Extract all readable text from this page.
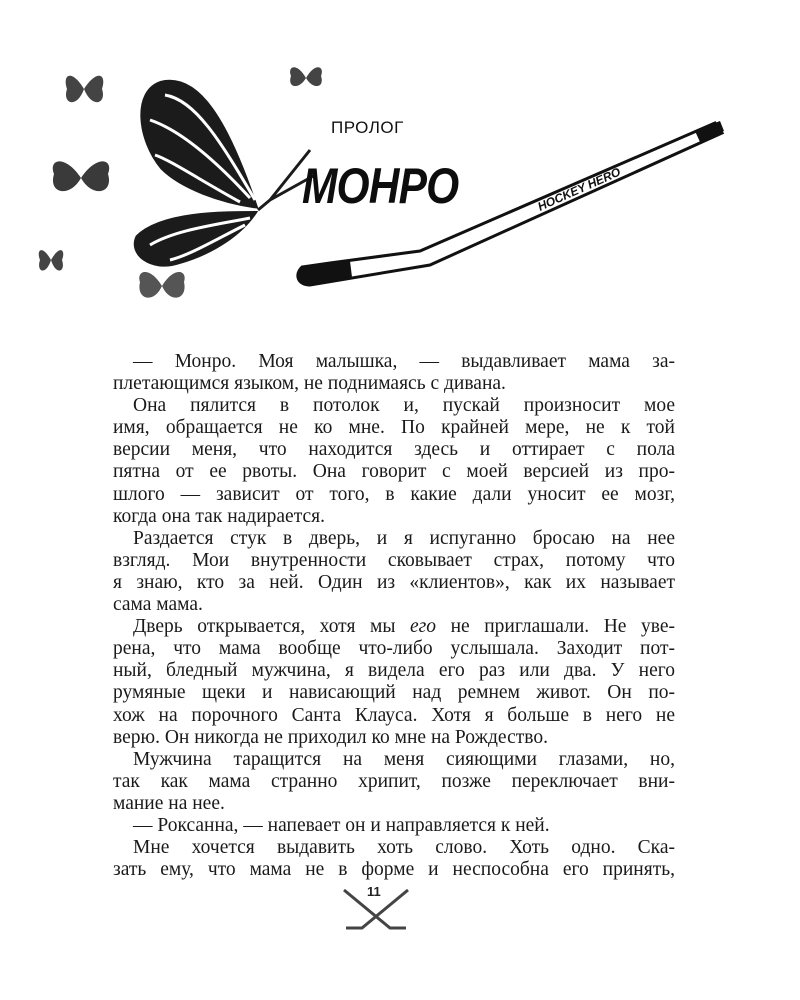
HOCKEY HERO
ПРОЛОГ
МОНРО
— Монро. Моя малышка, — выдавливает мама за-
плетающимся языком, не поднимаясь с дивана.
Она пялится в потолок и, пускай произносит мое
имя, обращается не ко мне. По крайней мере, не к той
версии меня, что находится здесь и оттирает с пола
пятна от ее рвоты. Она говорит с моей версией из про-
шлого — зависит от того, в какие дали уносит ее мозг,
когда она так надирается.
Раздается стук в дверь, и я испуганно бросаю на нее
взгляд. Мои внутренности сковывает страх, потому что
я знаю, кто за ней. Один из «клиентов», как их называет
сама мама.
Дверь открывается, хотя мы его не приглашали. Не уве-
рена, что мама вообще что-либо услышала. Заходит пот-
ный, бледный мужчина, я видела его раз или два. У него
румяные щеки и нависающий над ремнем живот. Он по-
хож на порочного Санта Клауса. Хотя я больше в него не
верю. Он никогда не приходил ко мне на Рождество.
Мужчина таращится на меня сияющими глазами, но,
так как мама странно хрипит, позже переключает вни-
мание на нее.
— Роксанна, — напевает он и направляется к ней.
Мне хочется выдавить хоть слово. Хоть одно. Ска-
зать ему, что мама не в форме и неспособна его принять,
11
